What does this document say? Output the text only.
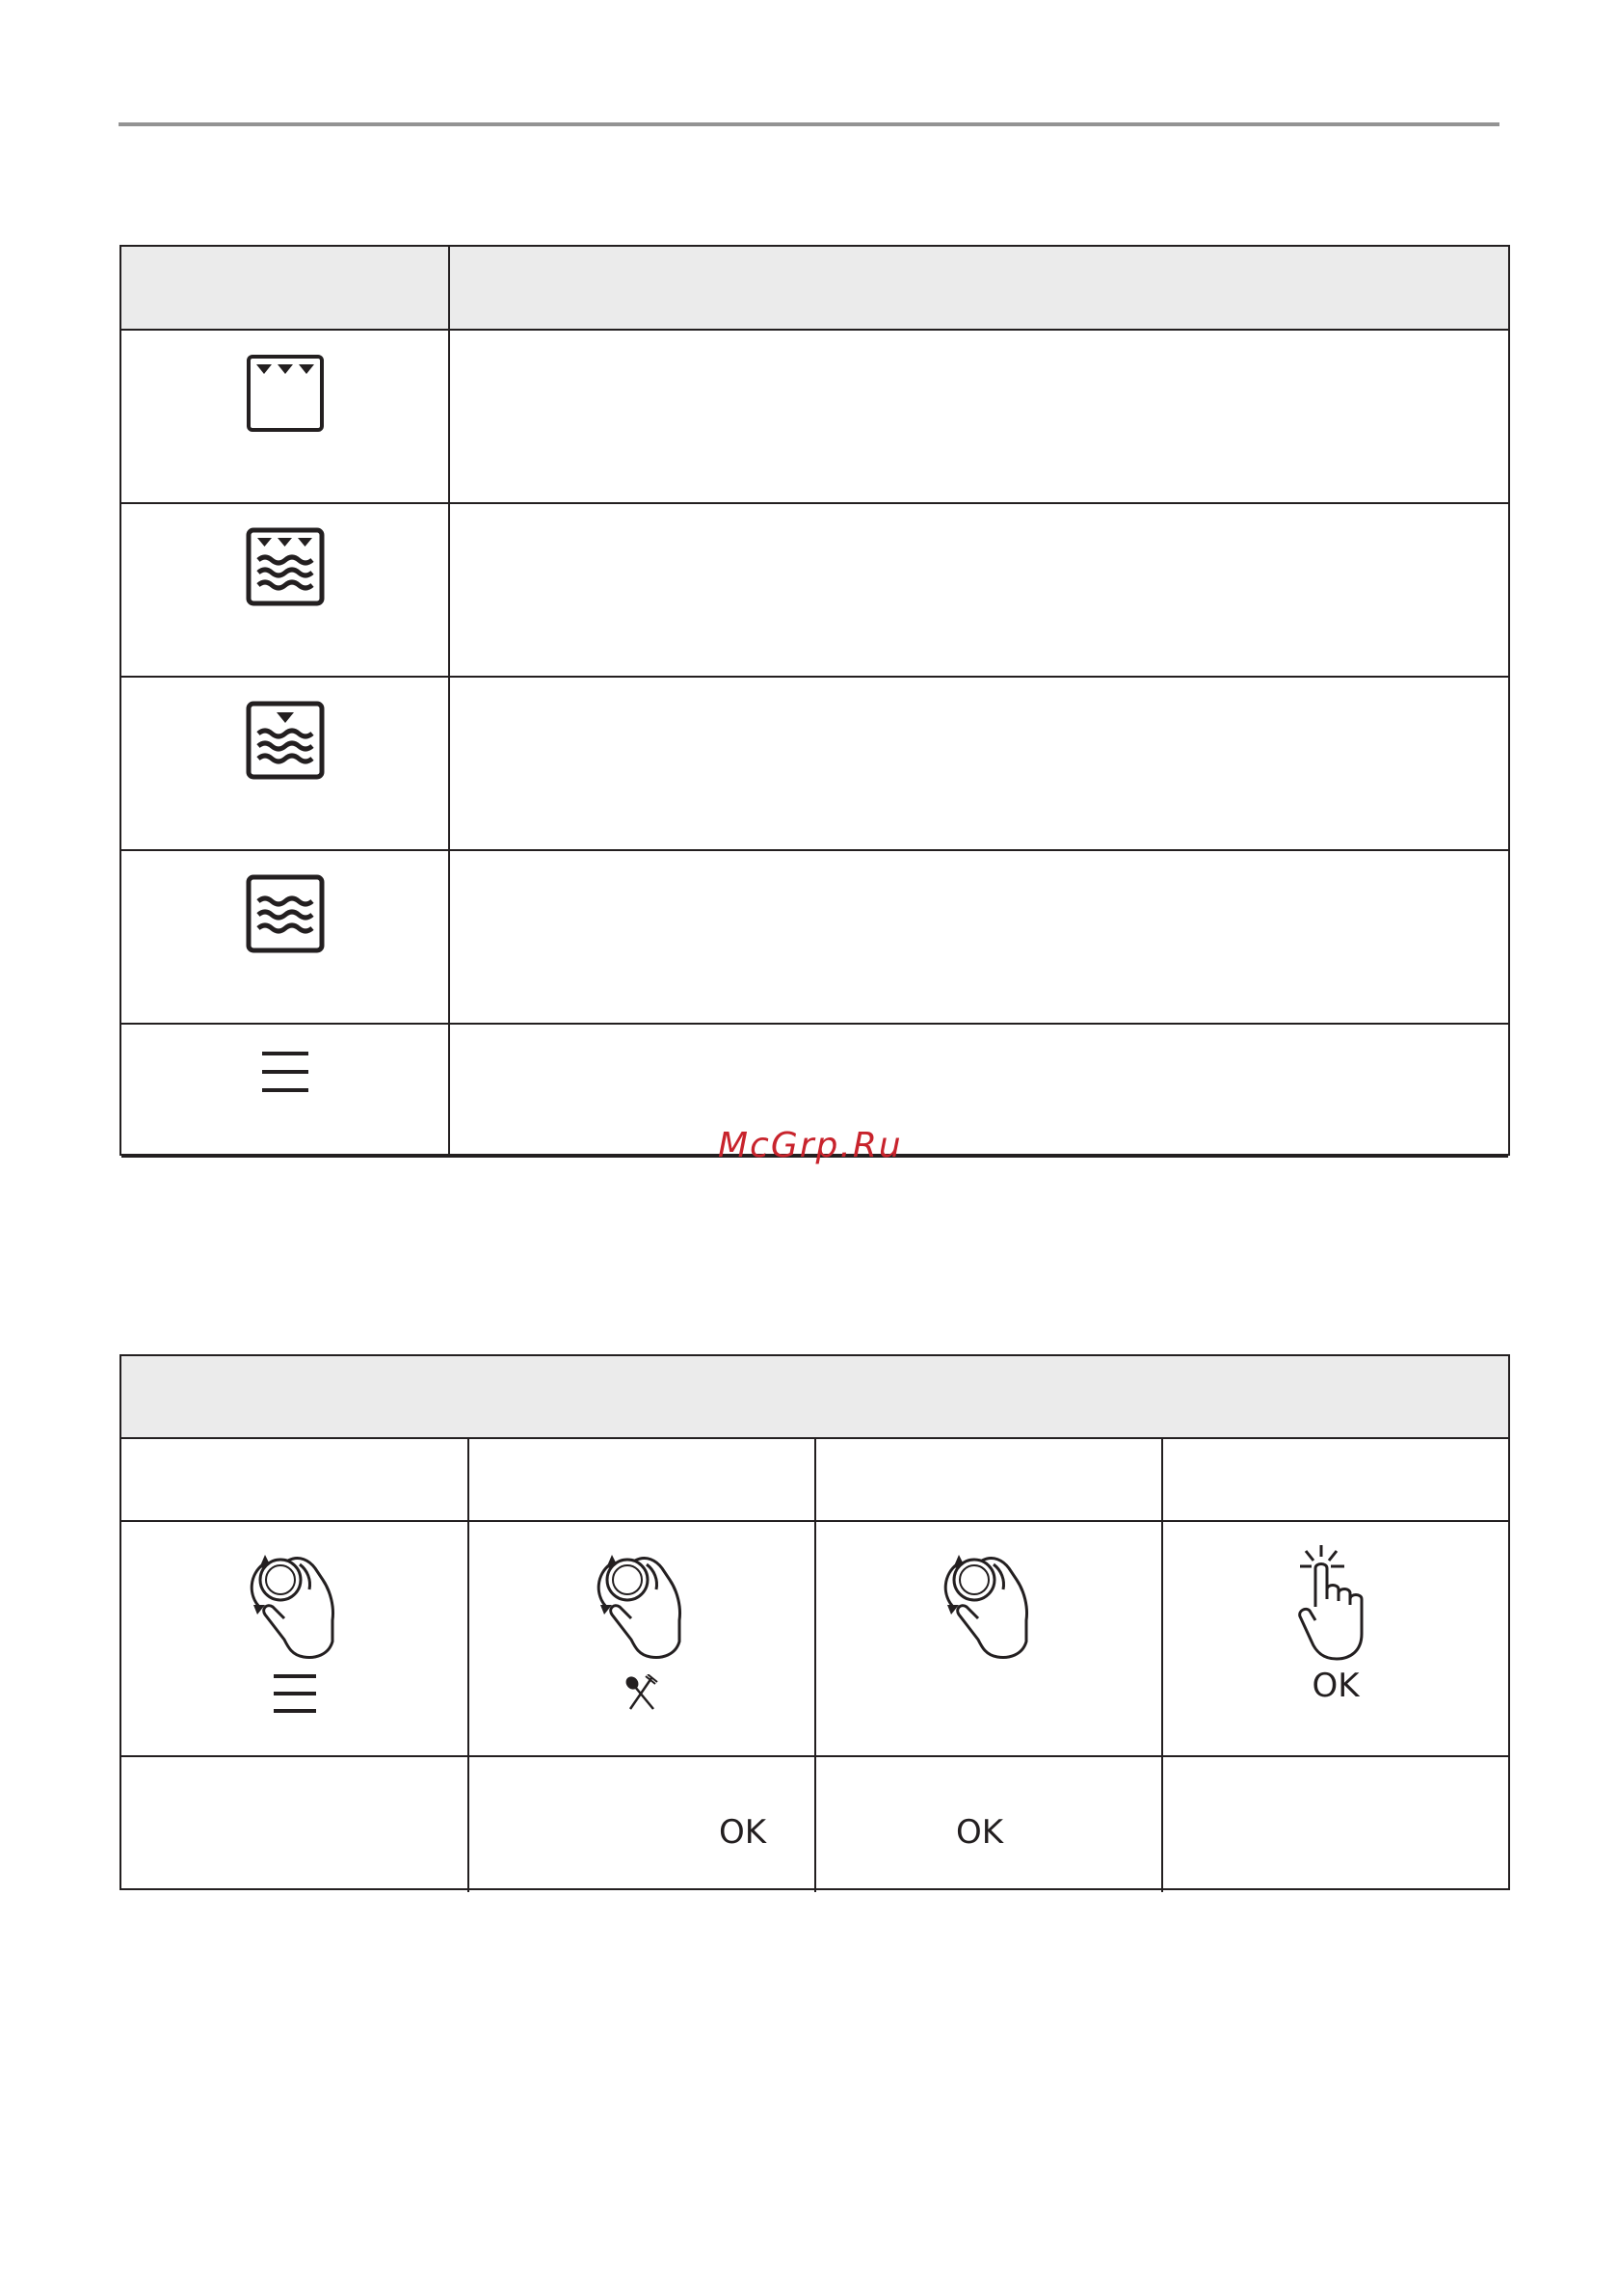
McGrp.Ru
OK
OK	OK
